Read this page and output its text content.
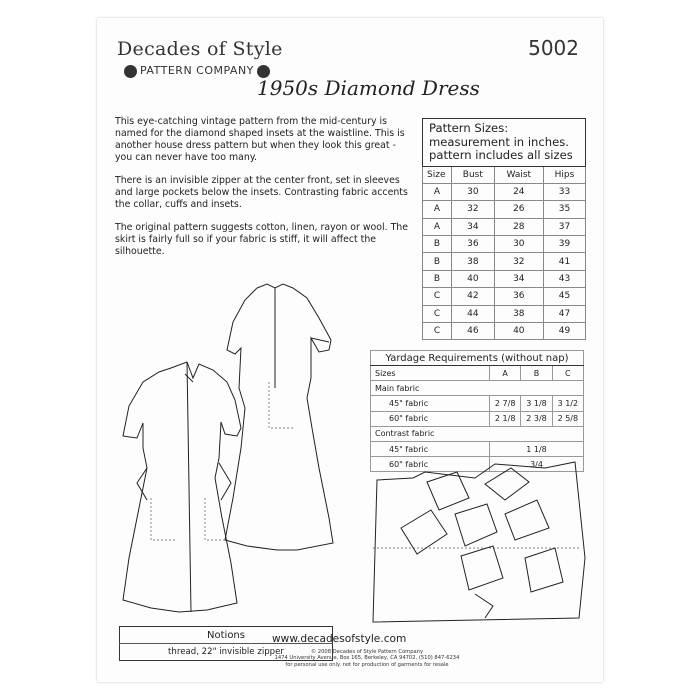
Decades of Style
PATTERN COMPANY
5002
1950s Diamond Dress

This eye-catching vintage pattern from the mid-century is named for the diamond shaped insets at the waistline. This is another house dress pattern but when they look this great - you can never have too many.

There is an invisible zipper at the center front, set in sleeves and large pockets below the insets. Contrasting fabric accents the collar, cuffs and insets.

The original pattern suggests cotton, linen, rayon or wool. The skirt is fairly full so if your fabric is stiff, it will affect the silhouette.

Pattern Sizes:
measurement in inches.
pattern includes all sizes			
Size	Bust	Waist	Hips
A	30	24	33
A	32	26	35
A	34	28	37
B	36	30	39
B	38	32	41
B	40	34	43
C	42	36	45
C	44	38	47
C	46	40	49
Yardage Requirements (without nap)			
Sizes	A	B	C
Main fabric			
45" fabric	2 7/8	3 1/8	3 1/2
60" fabric	2 1/8	2 3/8	2 5/8
Contrast fabric			
45" fabric	1 1/8		
60" fabric	3/4		
Notions
thread, 22" invisible zipper
www.decadesofstyle.com
© 2008 Decades of Style Pattern Company
1474 University Avenue, Box 165, Berkeley, CA 94702, (510) 847-6234
for personal use only. not for production of garments for resale
